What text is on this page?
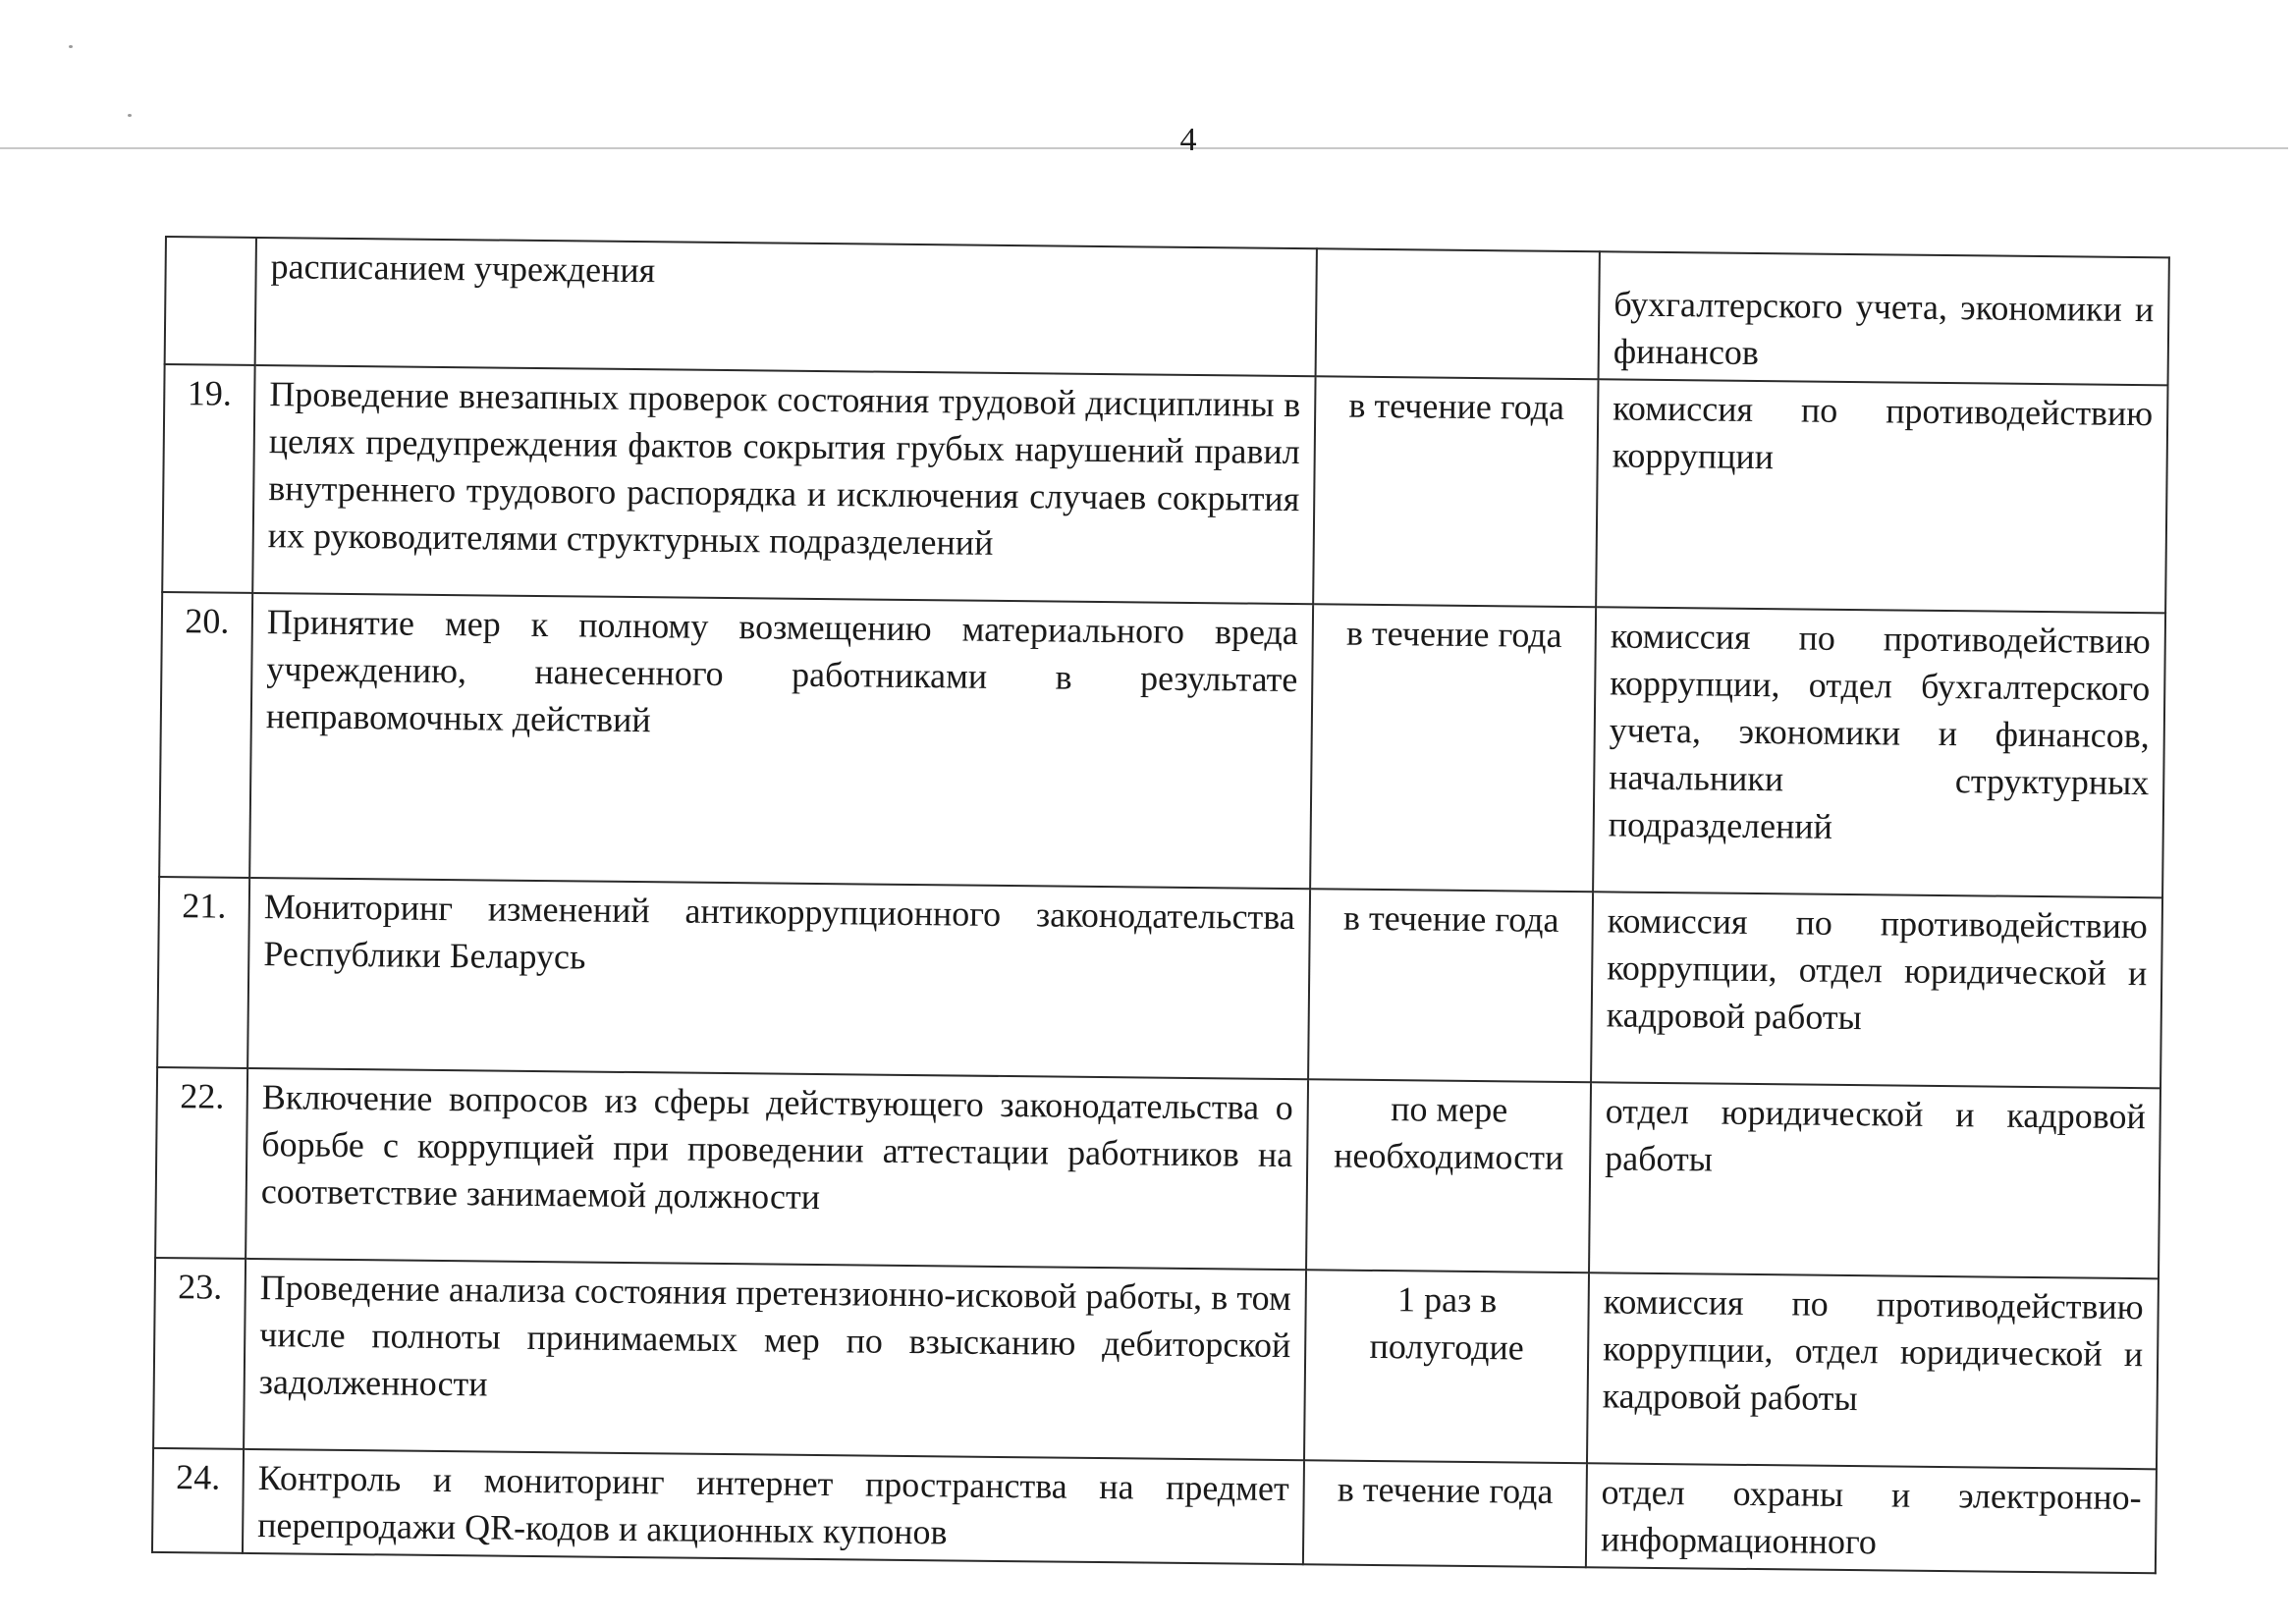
4
	расписанием учреждения		бухгалтерского учета, экономики и финансов
19.	Проведение внезапных проверок состояния трудовой дисциплины в целях предупреждения фактов сокрытия грубых нарушений правил внутреннего трудового распорядка и исключения случаев сокрытия их руководителями структурных подразделений	в течение года	комиссия по противодействию коррупции
20.	Принятие мер к полному возмещению материального вреда учреждению, нанесенного работниками в результате неправомочных действий	в течение года	комиссия по противодействию коррупции, отдел бухгалтерского учета, экономики и финансов, начальники структурных подразделений
21.	Мониторинг изменений антикоррупционного законодательства Республики Беларусь	в течение года	комиссия по противодействию коррупции, отдел юридической и кадровой работы
22.	Включение вопросов из сферы действующего законодательства о борьбе с коррупцией при проведении аттестации работников на соответствие занимаемой должности	по мере необходимости	отдел юридической и кадровой работы
23.	Проведение анализа состояния претензионно-исковой работы, в том числе полноты принимаемых мер по взысканию дебиторской задолженности	1 раз в полугодие	комиссия по противодействию коррупции, отдел юридической и кадровой работы
24.	Контроль и мониторинг интернет пространства на предмет перепродажи QR-кодов и акционных купонов	в течение года	отдел охраны и электронно-информационного
